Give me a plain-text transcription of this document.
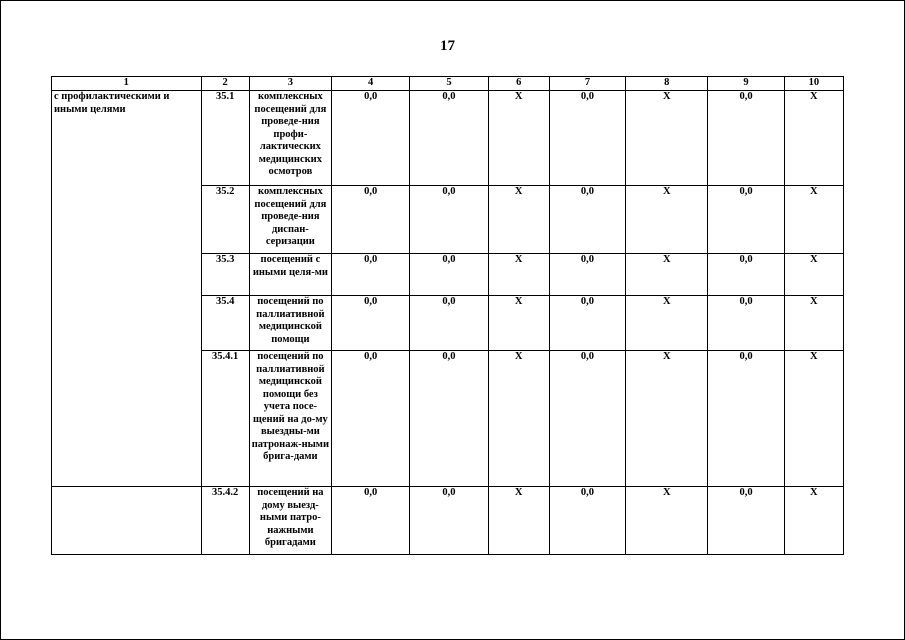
17
1	2	3	4	5	6	7	8	9	10
с профилактическими и иными целями	35.1	комплексных посещений для проведе-ния профи-лактических медицинских осмотров	0,0	0,0	Х	0,0	Х	0,0	Х
	35.2	комплексных посещений для проведе-ния диспан-серизации	0,0	0,0	Х	0,0	Х	0,0	Х
	35.3	посещений с иными целя-ми	0,0	0,0	Х	0,0	Х	0,0	Х
	35.4	посещений по паллиативной медицинской помощи	0,0	0,0	Х	0,0	Х	0,0	Х
	35.4.1	посещений по паллиативной медицинской помощи без учета посе-щений на до-му выездны-ми патронаж-ными брига-дами	0,0	0,0	Х	0,0	Х	0,0	Х
	35.4.2	посещений на дому выезд-ными патро-нажными бригадами	0,0	0,0	Х	0,0	Х	0,0	Х
